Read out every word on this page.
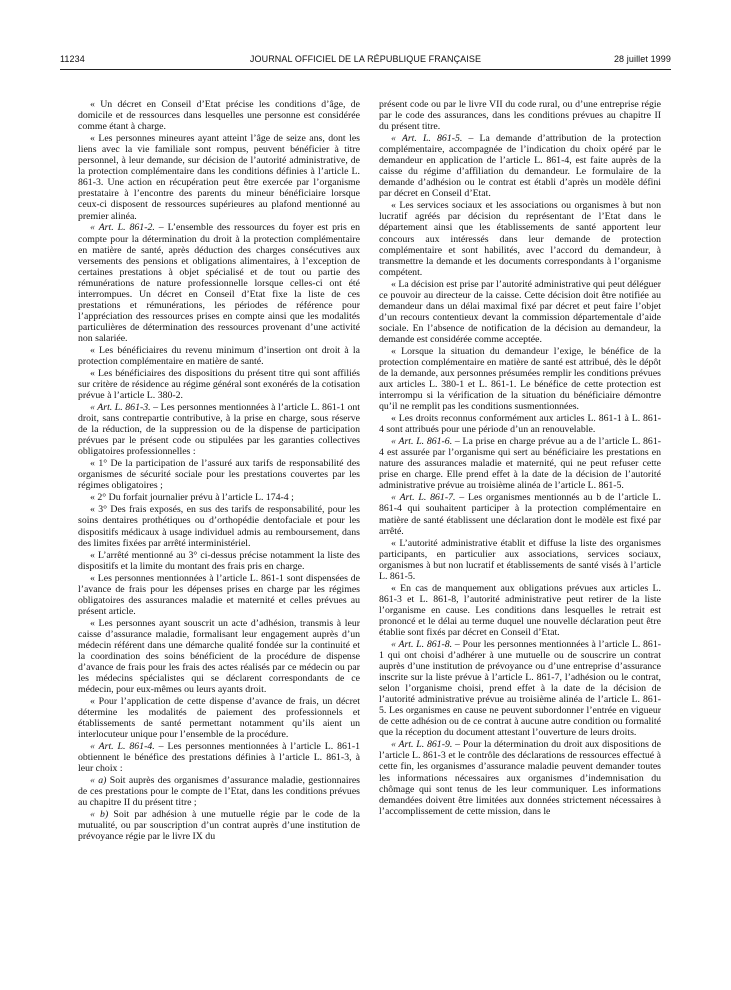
11234	JOURNAL OFFICIEL DE LA RÉPUBLIQUE FRANÇAISE	28 juillet 1999

« Un décret en Conseil d’Etat précise les conditions d’âge, de domicile et de ressources dans lesquelles une personne est considérée comme étant à charge.

« Les personnes mineures ayant atteint l’âge de seize ans, dont les liens avec la vie familiale sont rompus, peuvent bénéficier à titre personnel, à leur demande, sur décision de l’autorité administrative, de la protection complémentaire dans les conditions définies à l’article L. 861-3. Une action en récupération peut être exercée par l’organisme prestataire à l’encontre des parents du mineur bénéficiaire lorsque ceux-ci disposent de ressources supérieures au plafond mentionné au premier alinéa.

« Art. L. 861-2. – L’ensemble des ressources du foyer est pris en compte pour la détermination du droit à la protection complémentaire en matière de santé, après déduction des charges consécutives aux versements des pensions et obligations alimentaires, à l’exception de certaines prestations à objet spécialisé et de tout ou partie des rémunérations de nature professionnelle lorsque celles-ci ont été interrompues. Un décret en Conseil d’Etat fixe la liste de ces prestations et rémunérations, les périodes de référence pour l’appréciation des ressources prises en compte ainsi que les modalités particulières de détermination des ressources provenant d’une activité non salariée.

« Les bénéficiaires du revenu minimum d’insertion ont droit à la protection complémentaire en matière de santé.

« Les bénéficiaires des dispositions du présent titre qui sont affiliés sur critère de résidence au régime général sont exonérés de la cotisation prévue à l’article L. 380-2.

« Art. L. 861-3. – Les personnes mentionnées à l’article L. 861-1 ont droit, sans contrepartie contributive, à la prise en charge, sous réserve de la réduction, de la suppression ou de la dispense de participation prévues par le présent code ou stipulées par les garanties collectives obligatoires professionnelles :

« 1° De la participation de l’assuré aux tarifs de responsabilité des organismes de sécurité sociale pour les prestations couvertes par les régimes obligatoires ;

« 2° Du forfait journalier prévu à l’article L. 174-4 ;

« 3° Des frais exposés, en sus des tarifs de responsabilité, pour les soins dentaires prothétiques ou d’orthopédie dentofaciale et pour les dispositifs médicaux à usage individuel admis au remboursement, dans des limites fixées par arrêté interministériel.

« L’arrêté mentionné au 3° ci-dessus précise notamment la liste des dispositifs et la limite du montant des frais pris en charge.

« Les personnes mentionnées à l’article L. 861-1 sont dispensées de l’avance de frais pour les dépenses prises en charge par les régimes obligatoires des assurances maladie et maternité et celles prévues au présent article.

« Les personnes ayant souscrit un acte d’adhésion, transmis à leur caisse d’assurance maladie, formalisant leur engagement auprès d’un médecin référent dans une démarche qualité fondée sur la continuité et la coordination des soins bénéficient de la procédure de dispense d’avance de frais pour les frais des actes réalisés par ce médecin ou par les médecins spécialistes qui se déclarent correspondants de ce médecin, pour eux-mêmes ou leurs ayants droit.

« Pour l’application de cette dispense d’avance de frais, un décret détermine les modalités de paiement des professionnels et établissements de santé permettant notamment qu’ils aient un interlocuteur unique pour l’ensemble de la procédure.

« Art. L. 861-4. – Les personnes mentionnées à l’article L. 861-1 obtiennent le bénéfice des prestations définies à l’article L. 861-3, à leur choix :

« a) Soit auprès des organismes d’assurance maladie, gestionnaires de ces prestations pour le compte de l’Etat, dans les conditions prévues au chapitre II du présent titre ;

« b) Soit par adhésion à une mutuelle régie par le code de la mutualité, ou par souscription d’un contrat auprès d’une institution de prévoyance régie par le livre IX du

présent code ou par le livre VII du code rural, ou d’une entreprise régie par le code des assurances, dans les conditions prévues au chapitre II du présent titre.

« Art. L. 861-5. – La demande d’attribution de la protection complémentaire, accompagnée de l’indication du choix opéré par le demandeur en application de l’article L. 861-4, est faite auprès de la caisse du régime d’affiliation du demandeur. Le formulaire de la demande d’adhésion ou le contrat est établi d’après un modèle défini par décret en Conseil d’Etat.

« Les services sociaux et les associations ou organismes à but non lucratif agréés par décision du représentant de l’Etat dans le département ainsi que les établissements de santé apportent leur concours aux intéressés dans leur demande de protection complémentaire et sont habilités, avec l’accord du demandeur, à transmettre la demande et les documents correspondants à l’organisme compétent.

« La décision est prise par l’autorité administrative qui peut déléguer ce pouvoir au directeur de la caisse. Cette décision doit être notifiée au demandeur dans un délai maximal fixé par décret et peut faire l’objet d’un recours contentieux devant la commission départementale d’aide sociale. En l’absence de notification de la décision au demandeur, la demande est considérée comme acceptée.

« Lorsque la situation du demandeur l’exige, le bénéfice de la protection complémentaire en matière de santé est attribué, dès le dépôt de la demande, aux personnes présumées remplir les conditions prévues aux articles L. 380-1 et L. 861-1. Le bénéfice de cette protection est interrompu si la vérification de la situation du bénéficiaire démontre qu’il ne remplit pas les conditions susmentionnées.

« Les droits reconnus conformément aux articles L. 861-1 à L. 861-4 sont attribués pour une période d’un an renouvelable.

« Art. L. 861-6. – La prise en charge prévue au a de l’article L. 861-4 est assurée par l’organisme qui sert au bénéficiaire les prestations en nature des assurances maladie et maternité, qui ne peut refuser cette prise en charge. Elle prend effet à la date de la décision de l’autorité administrative prévue au troisième alinéa de l’article L. 861-5.

« Art. L. 861-7. – Les organismes mentionnés au b de l’article L. 861-4 qui souhaitent participer à la protection complémentaire en matière de santé établissent une déclaration dont le modèle est fixé par arrêté.

« L’autorité administrative établit et diffuse la liste des organismes participants, en particulier aux associations, services sociaux, organismes à but non lucratif et établissements de santé visés à l’article L. 861-5.

« En cas de manquement aux obligations prévues aux articles L. 861-3 et L. 861-8, l’autorité administrative peut retirer de la liste l’organisme en cause. Les conditions dans lesquelles le retrait est prononcé et le délai au terme duquel une nouvelle déclaration peut être établie sont fixés par décret en Conseil d’Etat.

« Art. L. 861-8. – Pour les personnes mentionnées à l’article L. 861-1 qui ont choisi d’adhérer à une mutuelle ou de souscrire un contrat auprès d’une institution de prévoyance ou d’une entreprise d’assurance inscrite sur la liste prévue à l’article L. 861-7, l’adhésion ou le contrat, selon l’organisme choisi, prend effet à la date de la décision de l’autorité administrative prévue au troisième alinéa de l’article L. 861-5. Les organismes en cause ne peuvent subordonner l’entrée en vigueur de cette adhésion ou de ce contrat à aucune autre condition ou formalité que la réception du document attestant l’ouverture de leurs droits.

« Art. L. 861-9. – Pour la détermination du droit aux dispositions de l’article L. 861-3 et le contrôle des déclarations de ressources effectué à cette fin, les organismes d’assurance maladie peuvent demander toutes les informations nécessaires aux organismes d’indemnisation du chômage qui sont tenus de les leur communiquer. Les informations demandées doivent être limitées aux données strictement nécessaires à l’accomplissement de cette mission, dans le
